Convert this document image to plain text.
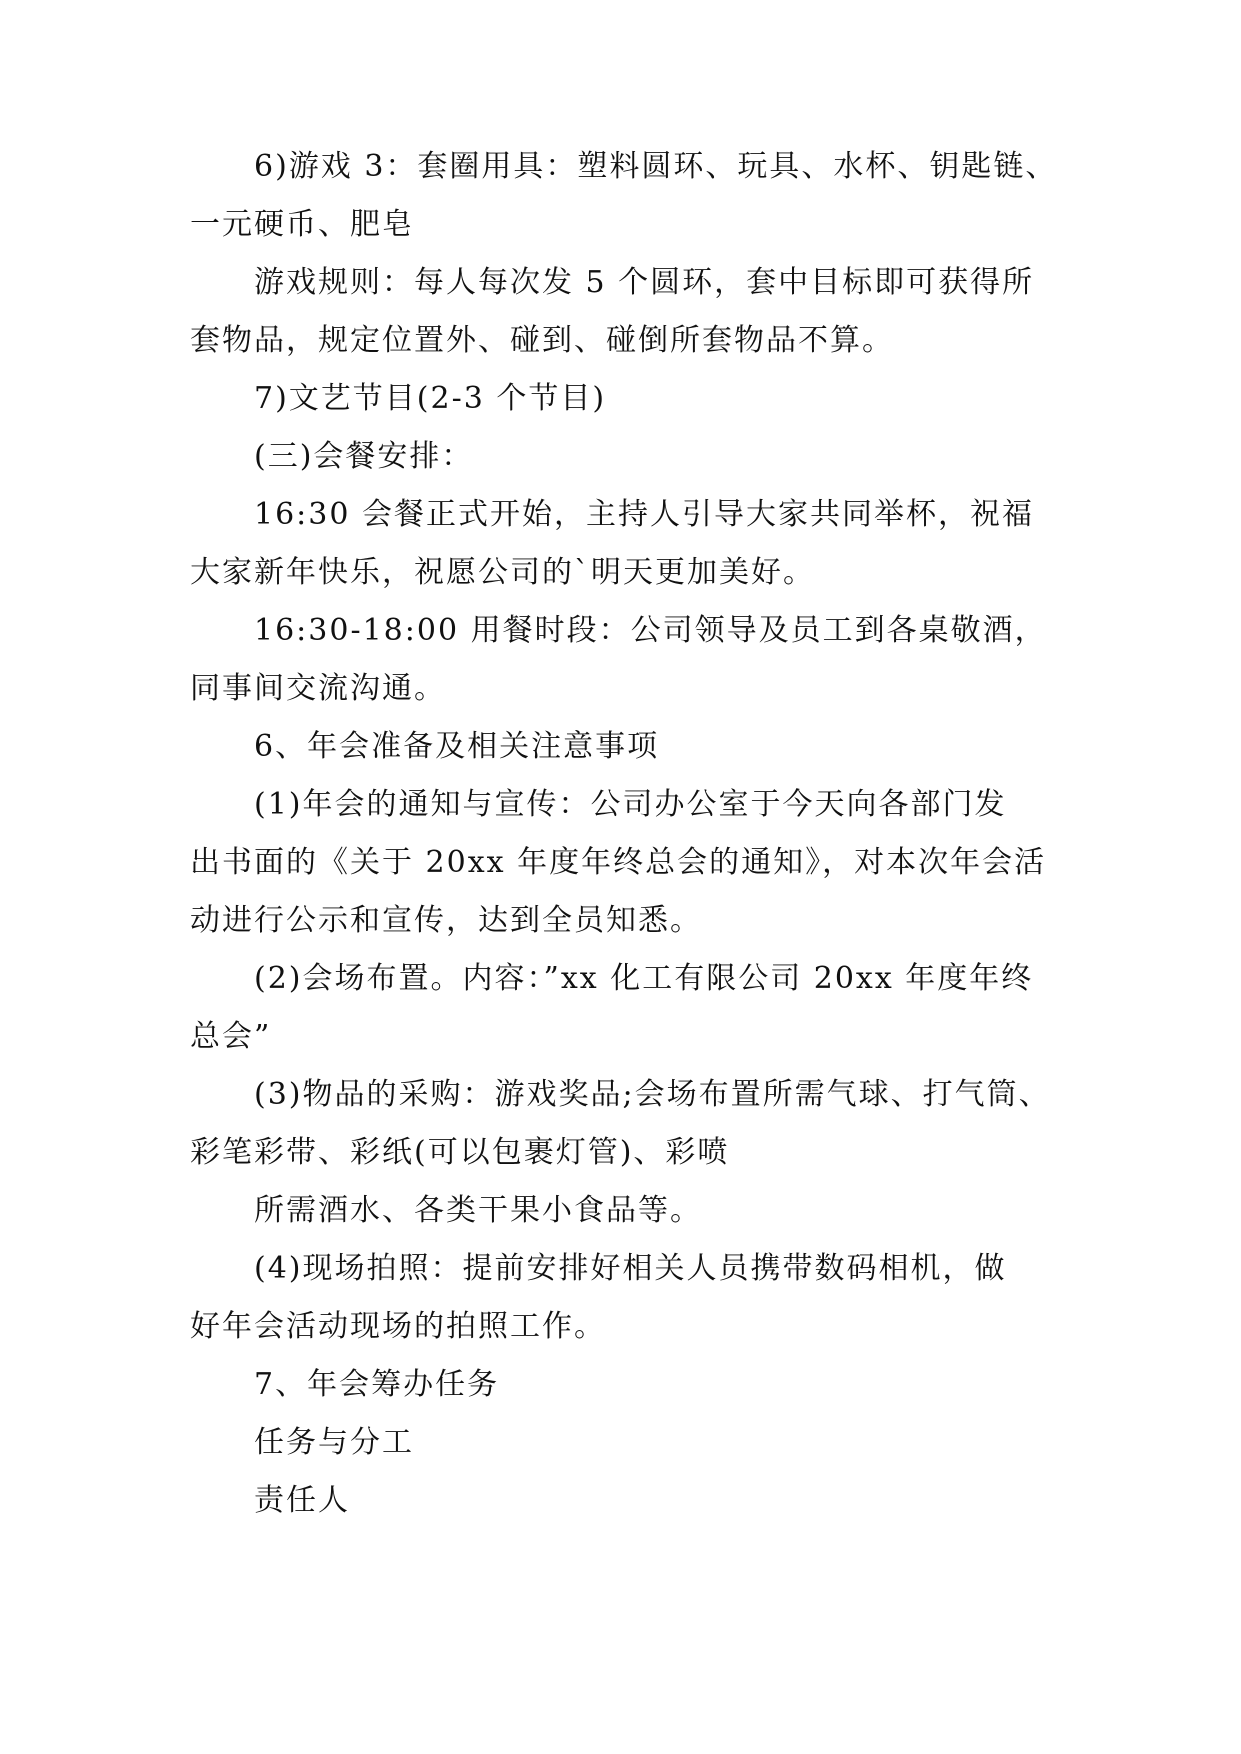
6)游戏 3：套圈用具：塑料圆环、玩具、水杯、钥匙链、
一元硬币、肥皂
游戏规则：每人每次发 5 个圆环，套中目标即可获得所
套物品，规定位置外、碰到、碰倒所套物品不算。
7)文艺节目(2-3 个节目)
(三)会餐安排：
16:30 会餐正式开始，主持人引导大家共同举杯，祝福
大家新年快乐，祝愿公司的`明天更加美好。
16:30-18:00 用餐时段：公司领导及员工到各桌敬酒，
同事间交流沟通。
6、年会准备及相关注意事项
(1)年会的通知与宣传：公司办公室于今天向各部门发
出书面的《关于 20xx 年度年终总会的通知》，对本次年会活
动进行公示和宣传，达到全员知悉。
(2)会场布置。内容：”xx 化工有限公司 20xx 年度年终
总会”
(3)物品的采购：游戏奖品;会场布置所需气球、打气筒、
彩笔彩带、彩纸(可以包裹灯管)、彩喷
所需酒水、各类干果小食品等。
(4)现场拍照：提前安排好相关人员携带数码相机，做
好年会活动现场的拍照工作。
7、年会筹办任务
任务与分工
责任人
